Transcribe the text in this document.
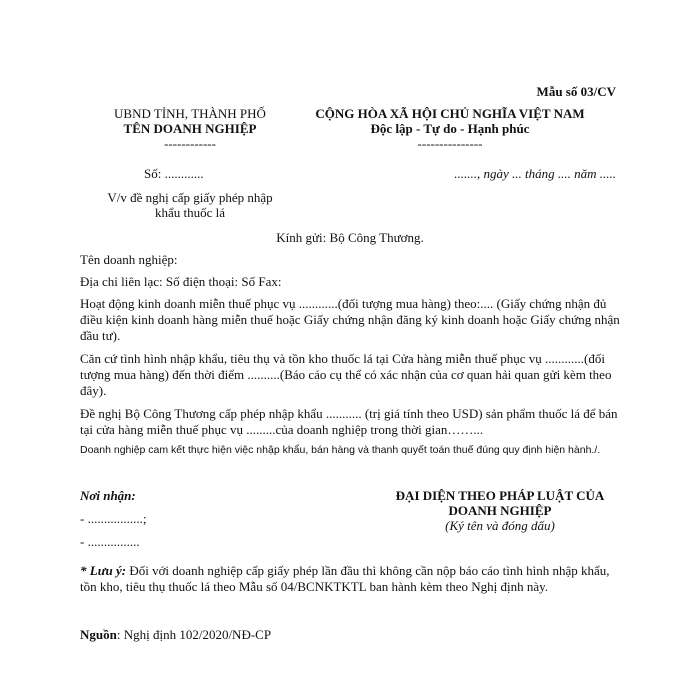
Mẫu số 03/CV
UBND TỈNH, THÀNH PHỐ
TÊN DOANH NGHIỆP
------------
CỘNG HÒA XÃ HỘI CHỦ NGHĨA VIỆT NAM
Độc lập - Tự do - Hạnh phúc
---------------
Số: ............	......., ngày ... tháng .... năm .....
V/v đề nghị cấp giấy phép nhập
khẩu thuốc lá
Kính gửi: Bộ Công Thương.

Tên doanh nghiệp:

Địa chỉ liên lạc: Số điện thoại: Số Fax:

Hoạt động kinh doanh miễn thuế phục vụ ............(đối tượng mua hàng) theo:.... (Giấy chứng nhận đủ điều kiện kinh doanh hàng miễn thuế hoặc Giấy chứng nhận đăng ký kinh doanh hoặc Giấy chứng nhận đầu tư).

Căn cứ tình hình nhập khẩu, tiêu thụ và tồn kho thuốc lá tại Cửa hàng miễn thuế phục vụ ............(đối tượng mua hàng) đến thời điểm ..........(Báo cáo cụ thể có xác nhận của cơ quan hải quan gửi kèm theo đây).

Đề nghị Bộ Công Thương cấp phép nhập khẩu ........... (trị giá tính theo USD) sản phẩm thuốc lá để bán tại cửa hàng miễn thuế phục vụ .........của doanh nghiệp trong thời gian……...

Doanh nghiệp cam kết thực hiện việc nhập khẩu, bán hàng và thanh quyết toán thuế đúng quy định hiện hành./.

Nơi nhận:
- .................;
- ................
ĐẠI DIỆN THEO PHÁP LUẬT CỦA DOANH NGHIỆP
(Ký tên và đóng dấu)

* Lưu ý: Đối với doanh nghiệp cấp giấy phép lần đầu thì không cần nộp báo cáo tình hình nhập khẩu, tồn kho, tiêu thụ thuốc lá theo Mẫu số 04/BCNKTKTL ban hành kèm theo Nghị định này.

Nguồn: Nghị định 102/2020/NĐ-CP
